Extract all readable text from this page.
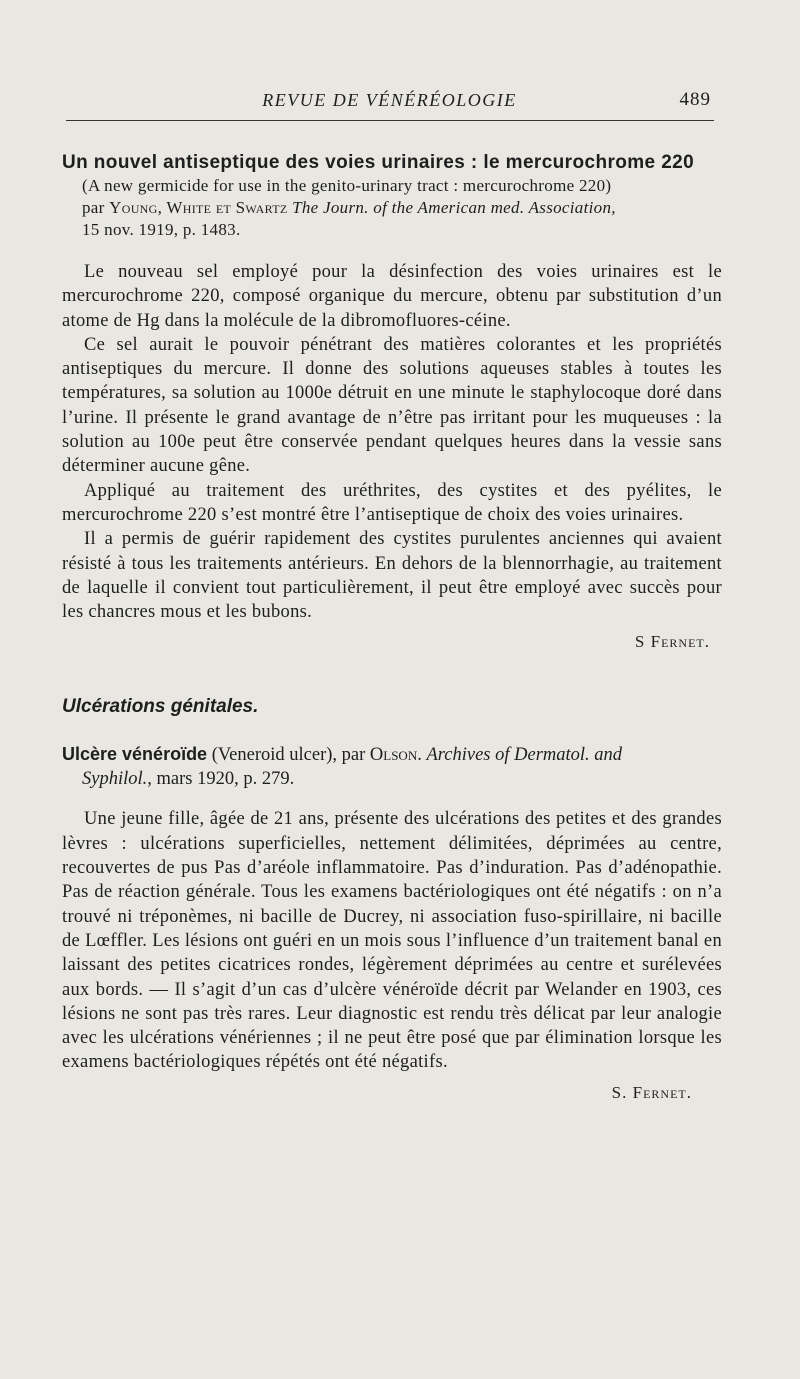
REVUE DE VÉNÉRÉOLOGIE	489

Un nouvel antiseptique des voies urinaires : le mercurochrome 220

(A new germicide for use in the genito-urinary tract : mercurochrome 220)
par Young, White et Swartz The Journ. of the American med. Association,
15 nov. 1919, p. 1483.

Le nouveau sel employé pour la désinfection des voies urinaires est le mercurochrome 220, composé organique du mercure, obtenu par substitution d’un atome de Hg dans la molécule de la dibromofluores-céine.

Ce sel aurait le pouvoir pénétrant des matières colorantes et les propriétés antiseptiques du mercure. Il donne des solutions aqueuses stables à toutes les températures, sa solution au 1000e détruit en une minute le staphylocoque doré dans l’urine. Il présente le grand avantage de n’être pas irritant pour les muqueuses : la solution au 100e peut être conservée pendant quelques heures dans la vessie sans déterminer aucune gêne.

Appliqué au traitement des uréthrites, des cystites et des pyélites, le mercurochrome 220 s’est montré être l’antiseptique de choix des voies urinaires.

Il a permis de guérir rapidement des cystites purulentes anciennes qui avaient résisté à tous les traitements antérieurs. En dehors de la blennorrhagie, au traitement de laquelle il convient tout particulièrement, il peut être employé avec succès pour les chancres mous et les bubons.

S Fernet.

Ulcérations génitales.

Ulcère vénéroïde (Veneroid ulcer), par Olson. Archives of Dermatol. and
Syphilol., mars 1920, p. 279.

Une jeune fille, âgée de 21 ans, présente des ulcérations des petites et des grandes lèvres : ulcérations superficielles, nettement délimitées, déprimées au centre, recouvertes de pus Pas d’aréole inflammatoire. Pas d’induration. Pas d’adénopathie. Pas de réaction générale. Tous les examens bactériologiques ont été négatifs : on n’a trouvé ni tréponèmes, ni bacille de Ducrey, ni association fuso-spirillaire, ni bacille de Lœffler. Les lésions ont guéri en un mois sous l’influence d’un traitement banal en laissant des petites cicatrices rondes, légèrement déprimées au centre et surélevées aux bords. — Il s’agit d’un cas d’ulcère vénéroïde décrit par Welander en 1903, ces lésions ne sont pas très rares. Leur diagnostic est rendu très délicat par leur analogie avec les ulcérations vénériennes ; il ne peut être posé que par élimination lorsque les examens bactériologiques répétés ont été négatifs.

S. Fernet.
